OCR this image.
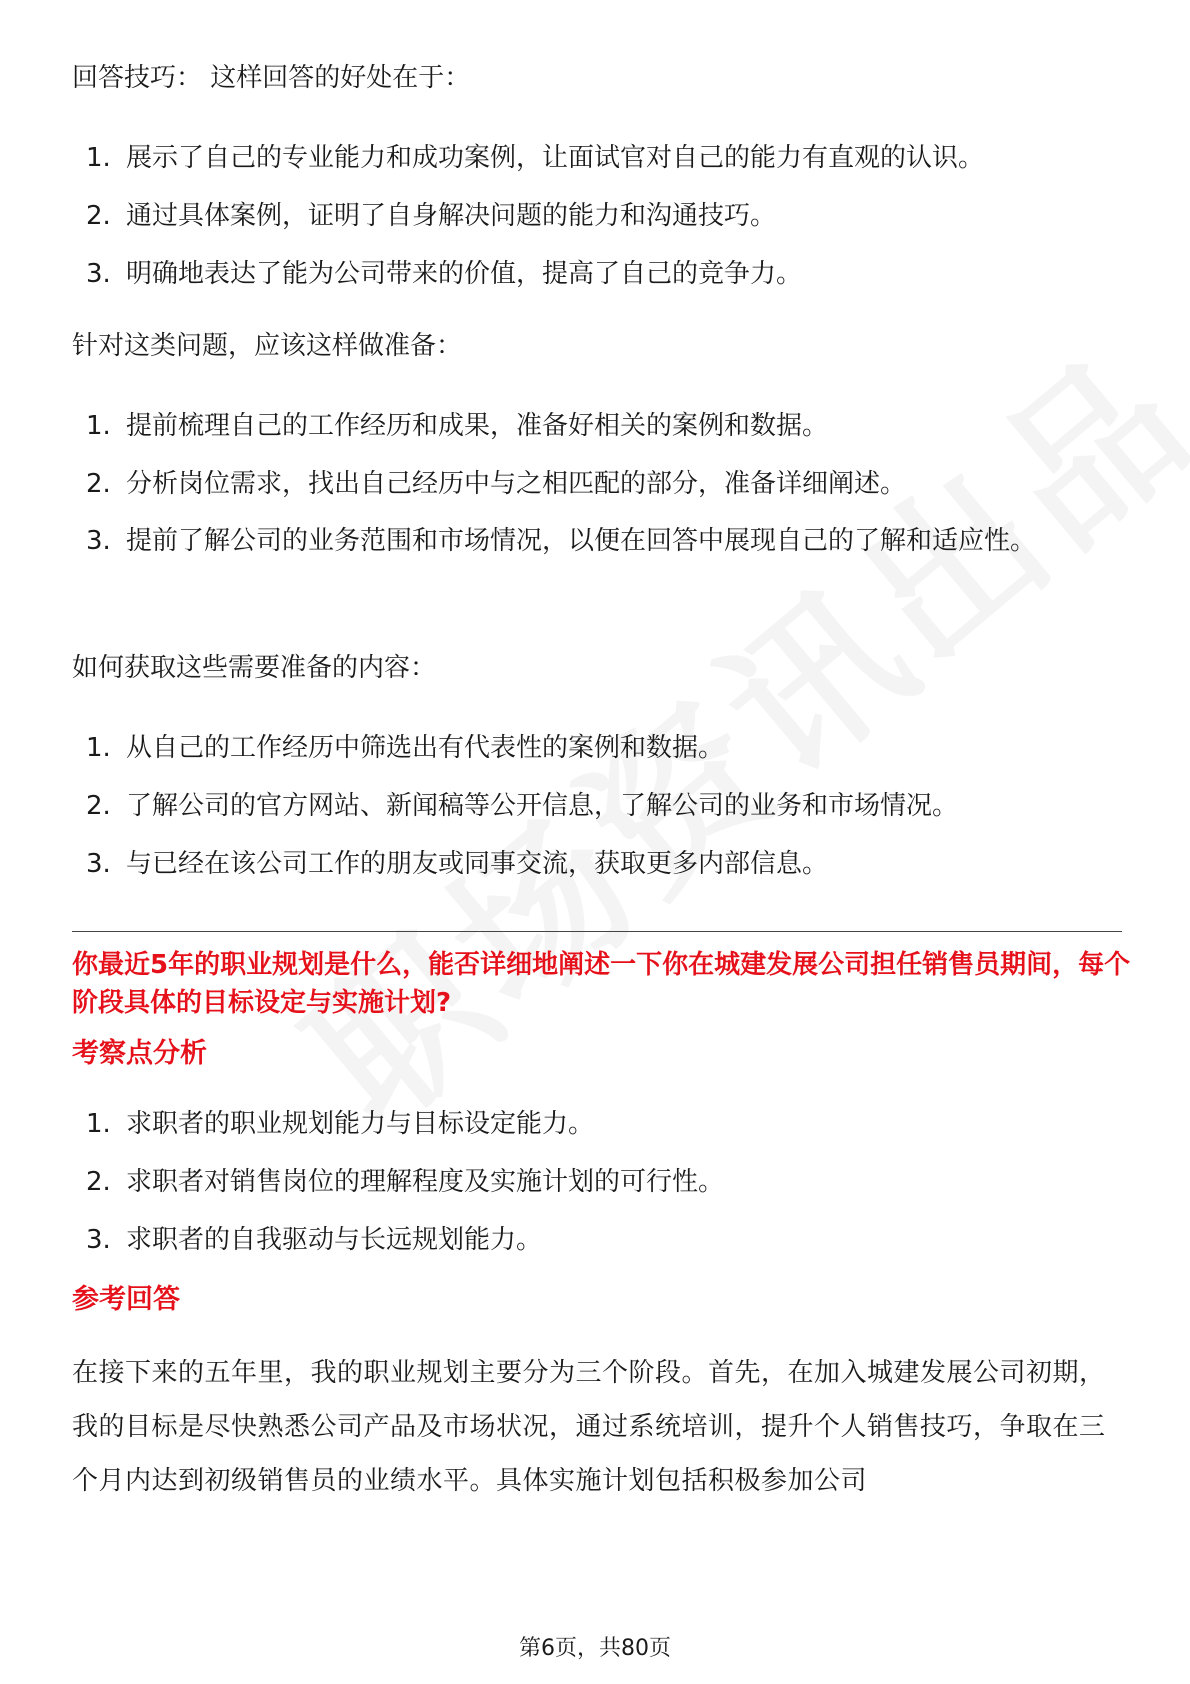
回答技巧： 这样回答的好处在于：

1. 展示了自己的专业能力和成功案例，让面试官对自己的能力有直观的认识。
2. 通过具体案例，证明了自身解决问题的能力和沟通技巧。
3. 明确地表达了能为公司带来的价值，提高了自己的竞争力。

针对这类问题，应该这样做准备：

1. 提前梳理自己的工作经历和成果，准备好相关的案例和数据。
2. 分析岗位需求，找出自己经历中与之相匹配的部分，准备详细阐述。
3. 提前了解公司的业务范围和市场情况，以便在回答中展现自己的了解和适应性。

如何获取这些需要准备的内容：

1. 从自己的工作经历中筛选出有代表性的案例和数据。
2. 了解公司的官方网站、新闻稿等公开信息，了解公司的业务和市场情况。
3. 与已经在该公司工作的朋友或同事交流，获取更多内部信息。

你最近5年的职业规划是什么，能否详细地阐述一下你在城建发展公司担任销售员期间，每个阶段具体的目标设定与实施计划?

考察点分析

1. 求职者的职业规划能力与目标设定能力。
2. 求职者对销售岗位的理解程度及实施计划的可行性。
3. 求职者的自我驱动与长远规划能力。

参考回答

在接下来的五年里，我的职业规划主要分为三个阶段。首先，在加入城建发展公司初期，我的目标是尽快熟悉公司产品及市场状况，通过系统培训，提升个人销售技巧，争取在三个月内达到初级销售员的业绩水平。具体实施计划包括积极参加公司

第6页，共80页
